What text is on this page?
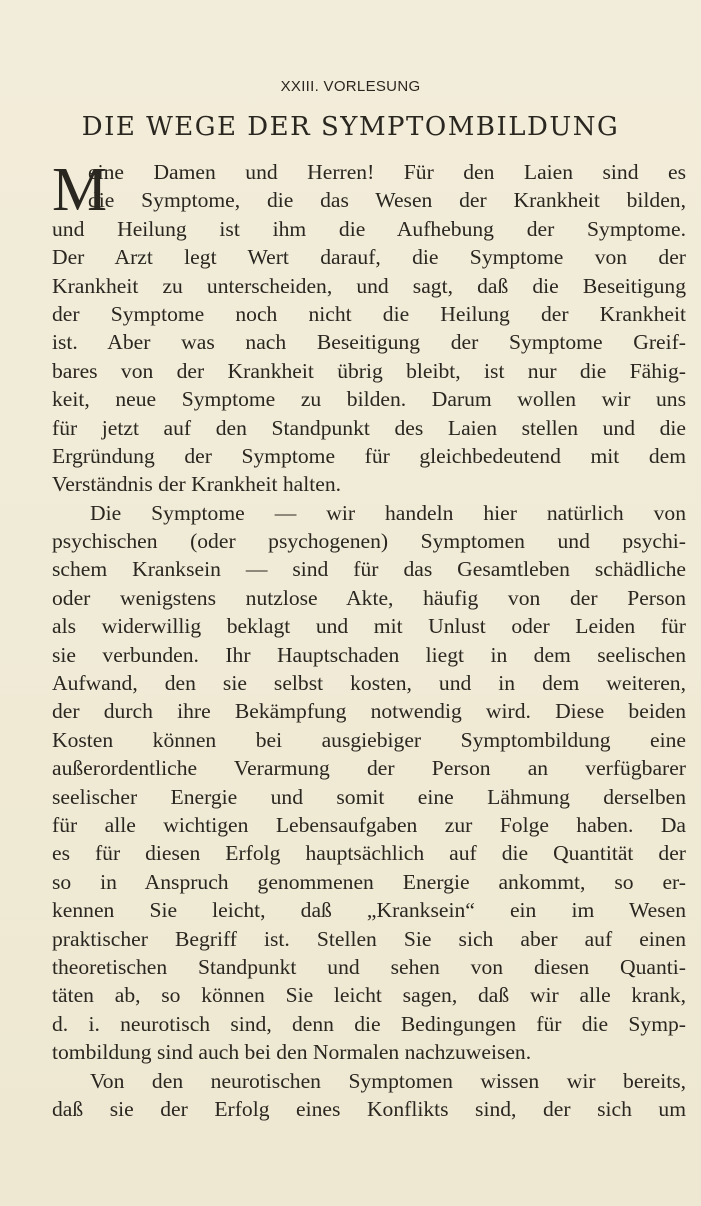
XXIII. VORLESUNG
DIE WEGE DER SYMPTOMBILDUNG
M
eine Damen und Herren! Für den Laien sind es
die Symptome, die das Wesen der Krankheit bilden,
und Heilung ist ihm die Aufhebung der Symptome.
Der Arzt legt Wert darauf, die Symptome von der
Krankheit zu unterscheiden, und sagt, daß die Beseitigung
der Symptome noch nicht die Heilung der Krankheit
ist. Aber was nach Beseitigung der Symptome Greif-
bares von der Krankheit übrig bleibt, ist nur die Fähig-
keit, neue Symptome zu bilden. Darum wollen wir uns
für jetzt auf den Standpunkt des Laien stellen und die
Ergründung der Symptome für gleichbedeutend mit dem
Verständnis der Krankheit halten.
Die Symptome — wir handeln hier natürlich von
psychischen (oder psychogenen) Symptomen und psychi-
schem Kranksein — sind für das Gesamtleben schädliche
oder wenigstens nutzlose Akte, häufig von der Person
als widerwillig beklagt und mit Unlust oder Leiden für
sie verbunden. Ihr Hauptschaden liegt in dem seelischen
Aufwand, den sie selbst kosten, und in dem weiteren,
der durch ihre Bekämpfung notwendig wird. Diese beiden
Kosten können bei ausgiebiger Symptombildung eine
außerordentliche Verarmung der Person an verfügbarer
seelischer Energie und somit eine Lähmung derselben
für alle wichtigen Lebensaufgaben zur Folge haben. Da
es für diesen Erfolg hauptsächlich auf die Quantität der
so in Anspruch genommenen Energie ankommt, so er-
kennen Sie leicht, daß „Kranksein“ ein im Wesen
praktischer Begriff ist. Stellen Sie sich aber auf einen
theoretischen Standpunkt und sehen von diesen Quanti-
täten ab, so können Sie leicht sagen, daß wir alle krank,
d. i. neurotisch sind, denn die Bedingungen für die Symp-
tombildung sind auch bei den Normalen nachzuweisen.
Von den neurotischen Symptomen wissen wir bereits,
daß sie der Erfolg eines Konflikts sind, der sich um
